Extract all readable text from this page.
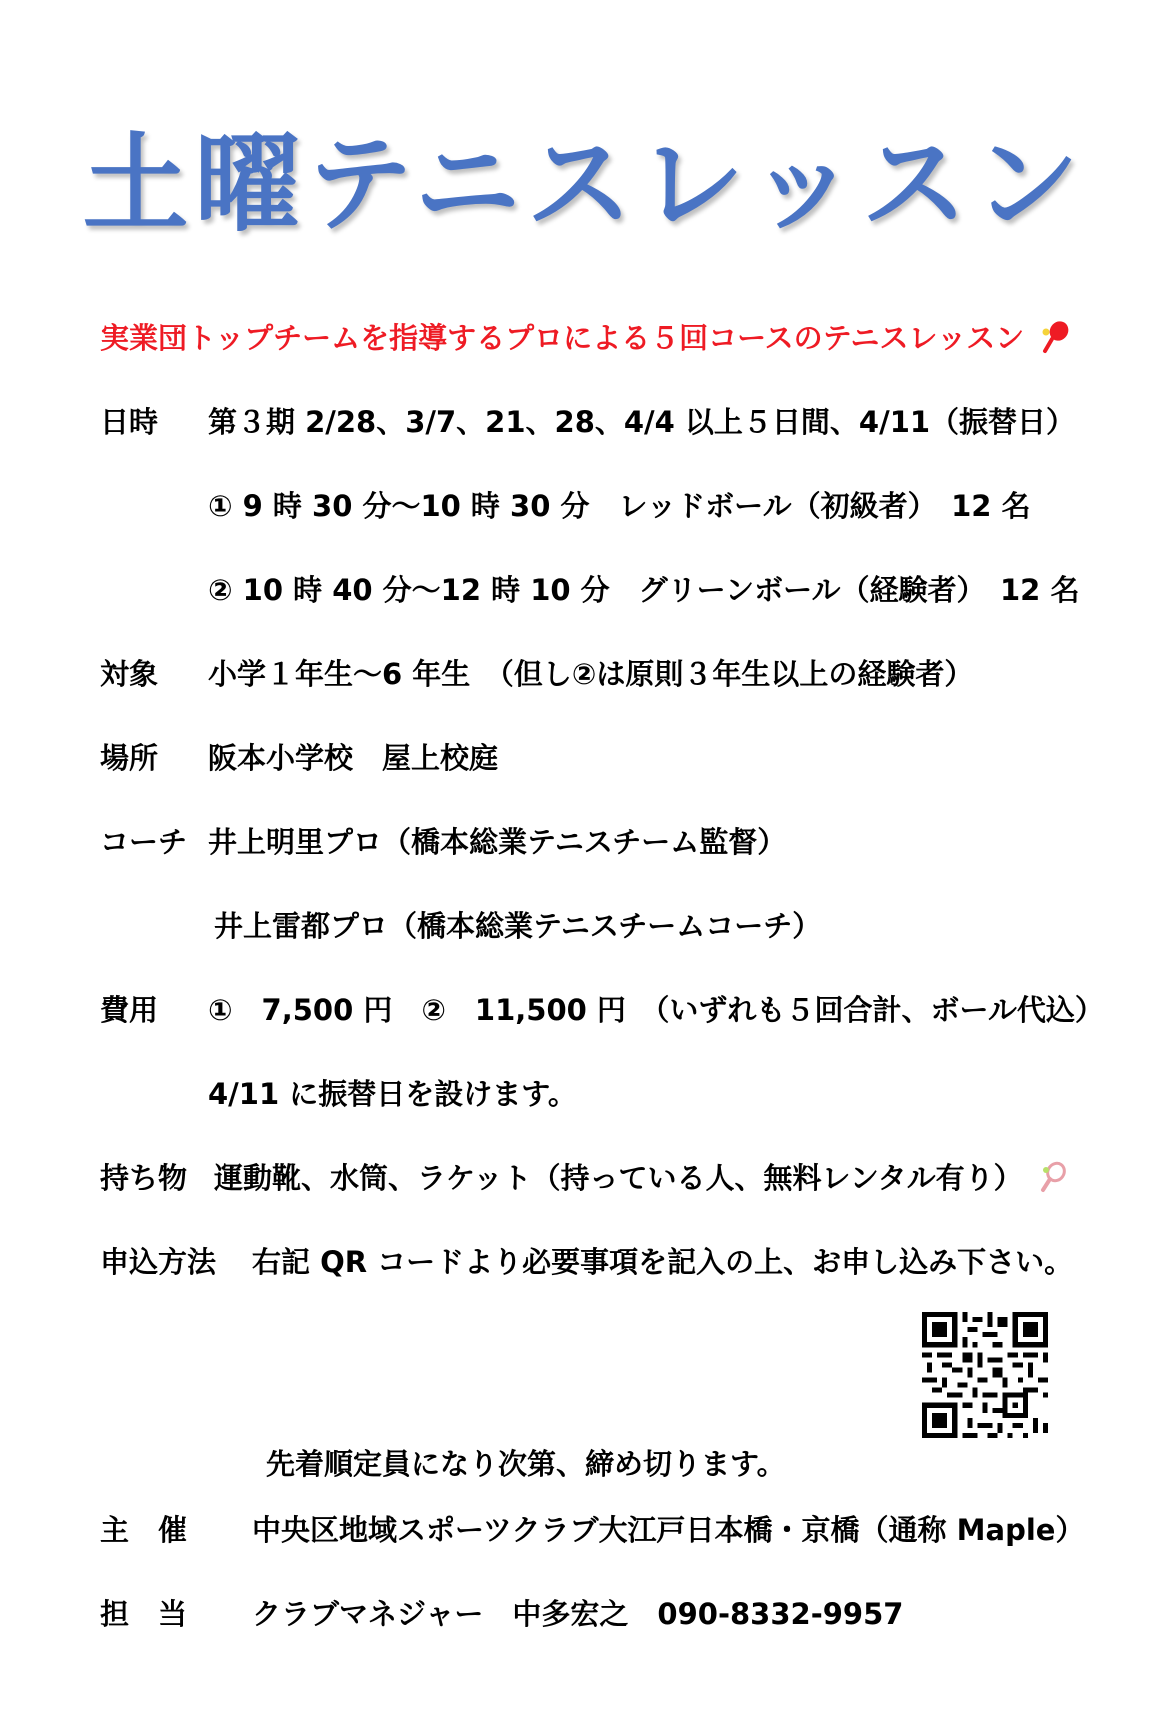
土曜テニスレッスン
実業団トップチームを指導するプロによる５回コースのテニスレッスン
日時 第３期 2/28、3/7、21、28、4/4 以上５日間、4/11（振替日）
① 9 時 30 分～10 時 30 分　レッドボール（初級者）　12 名
② 10 時 40 分～12 時 10 分　グリーンボール（経験者）　12 名
対象 小学１年生～6 年生　（但し②は原則３年生以上の経験者）
場所 阪本小学校　屋上校庭
コーチ 井上明里プロ（橋本総業テニスチーム監督）
井上雷都プロ（橋本総業テニスチームコーチ）
費用 ①　7,500 円　②　11,500 円　（いずれも５回合計、ボール代込）
4/11 に振替日を設けます。
持ち物 運動靴、水筒、ラケット（持っている人、無料レンタル有り）
申込方法 右記 QR コードより必要事項を記入の上、お申し込み下さい。
先着順定員になり次第、締め切ります。
主　催 中央区地域スポーツクラブ大江戸日本橋・京橋（通称 Maple）
担　当 クラブマネジャー　中多宏之　090-8332-9957
